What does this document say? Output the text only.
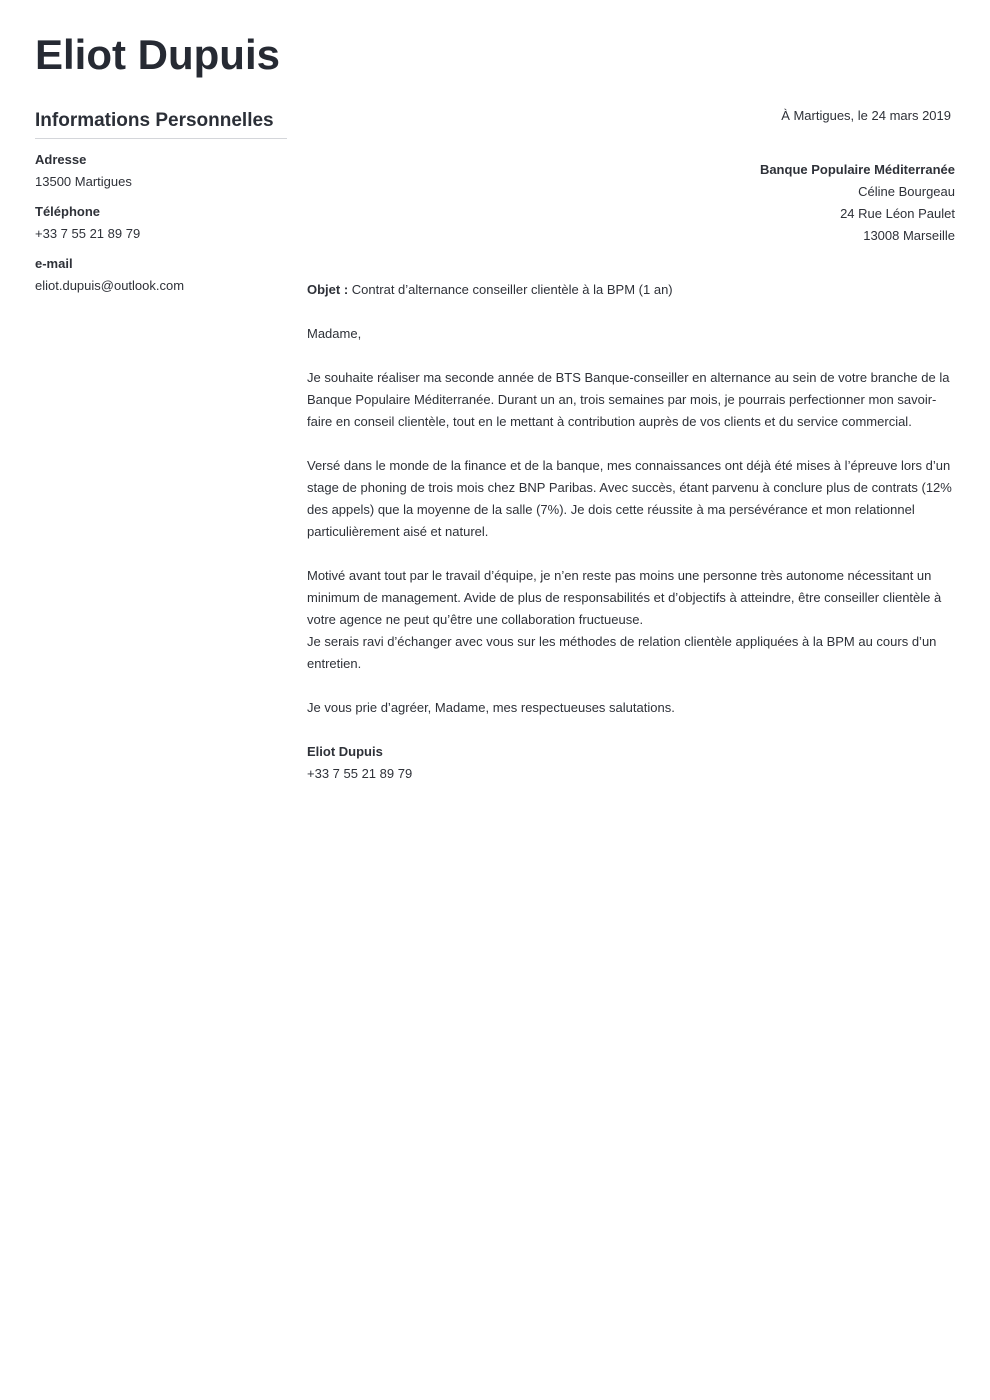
Eliot Dupuis
Informations Personnelles
Adresse
13500 Martigues
Téléphone
+33 7 55 21 89 79
e-mail
eliot.dupuis@outlook.com

À Martigues, le 24 mars 2019

Banque Populaire Méditerranée
Céline Bourgeau
24 Rue Léon Paulet
13008 Marseille
Objet : Contrat d’alternance conseiller clientèle à la BPM (1 an)

Madame,

Je souhaite réaliser ma seconde année de BTS Banque-conseiller en alternance au sein de votre branche de la Banque Populaire Méditerranée. Durant un an, trois semaines par mois, je pourrais perfectionner mon savoir-faire en conseil clientèle, tout en le mettant à contribution auprès de vos clients et du service commercial.

Versé dans le monde de la finance et de la banque, mes connaissances ont déjà été mises à l’épreuve lors d’un stage de phoning de trois mois chez BNP Paribas. Avec succès, étant parvenu à conclure plus de contrats (12% des appels) que la moyenne de la salle (7%). Je dois cette réussite à ma persévérance et mon relationnel particulièrement aisé et naturel.

Motivé avant tout par le travail d’équipe, je n’en reste pas moins une personne très autonome nécessitant un minimum de management. Avide de plus de responsabilités et d’objectifs à atteindre, être conseiller clientèle à votre agence ne peut qu’être une collaboration fructueuse.
Je serais ravi d’échanger avec vous sur les méthodes de relation clientèle appliquées à la BPM au cours d’un entretien.

Je vous prie d’agréer, Madame, mes respectueuses salutations.

Eliot Dupuis
+33 7 55 21 89 79
